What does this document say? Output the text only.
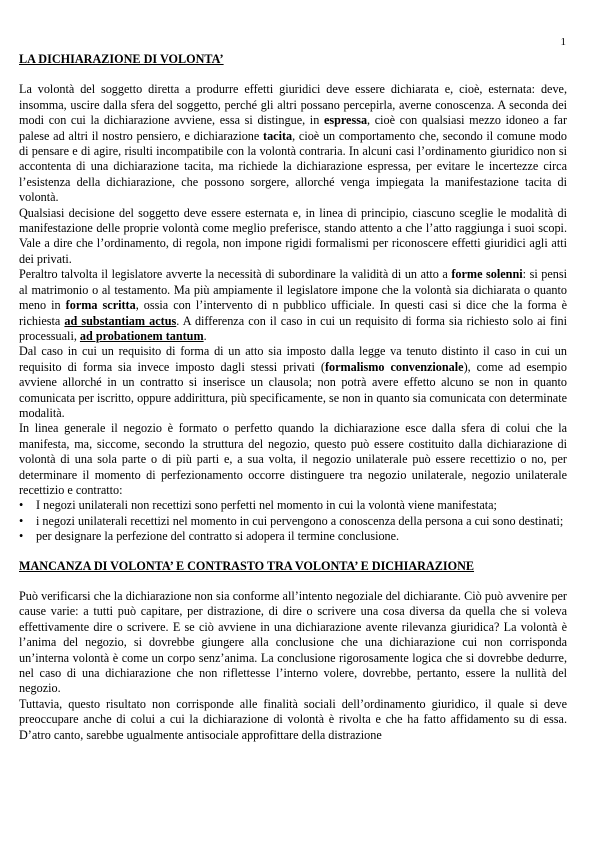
1
LA DICHIARAZIONE DI VOLONTA’

La volontà del soggetto diretta a produrre effetti giuridici deve essere dichiarata e, cioè, esternata: deve, insomma, uscire dalla sfera del soggetto, perché gli altri possano percepirla, averne conoscenza. A seconda dei modi con cui la dichiarazione avviene, essa si distingue, in espressa, cioè con qualsiasi mezzo idoneo a far palese ad altri il nostro pensiero, e dichiarazione tacita, cioè un comportamento che, secondo il comune modo di pensare e di agire, risulti incompatibile con la volontà contraria. In alcuni casi l’ordinamento giuridico non si accontenta di una dichiarazione tacita, ma richiede la dichiarazione espressa, per evitare le incertezze circa l’esistenza della dichiarazione, che possono sorgere, allorché venga impiegata la manifestazione tacita di volontà.

Qualsiasi decisione del soggetto deve essere esternata e, in linea di principio, ciascuno sceglie le modalità di manifestazione delle proprie volontà come meglio preferisce, stando attento a che l’atto raggiunga i suoi scopi. Vale a dire che l’ordinamento, di regola, non impone rigidi formalismi per riconoscere effetti giuridici agli atti dei privati.

Peraltro talvolta il legislatore avverte la necessità di subordinare la validità di un atto a forme solenni: si pensi al matrimonio o al testamento. Ma più ampiamente il legislatore impone che la volontà sia dichiarata o quanto meno in forma scritta, ossia con l’intervento di n pubblico ufficiale. In questi casi si dice che la forma è richiesta ad substantiam actus. A differenza con il caso in cui un requisito di forma sia richiesto solo ai fini processuali, ad probationem tantum.

Dal caso in cui un requisito di forma di un atto sia imposto dalla legge va tenuto distinto il caso in cui un requisito di forma sia invece imposto dagli stessi privati (formalismo convenzionale), come ad esempio avviene allorché in un contratto si inserisce un clausola; non potrà avere effetto alcuno se non in quanto comunicata per iscritto, oppure addirittura, più specificamente, se non in quanto sia comunicata con determinate modalità.

In linea generale il negozio è formato o perfetto quando la dichiarazione esce dalla sfera di colui che la manifesta, ma, siccome, secondo la struttura del negozio, questo può essere costituito dalla dichiarazione di volontà di una sola parte o di più parti e, a sua volta, il negozio unilaterale può essere recettizio o no, per determinare il momento di perfezionamento occorre distinguere tra negozio unilaterale, negozio unilaterale recettizio e contratto:

• I negozi unilaterali non recettizi sono perfetti nel momento in cui la volontà viene manifestata;
• i negozi unilaterali recettizi nel momento in cui pervengono a conoscenza della persona a cui sono destinati;
• per designare la perfezione del contratto si adopera il termine conclusione.
MANCANZA DI VOLONTA’ E CONTRASTO TRA VOLONTA’ E DICHIARAZIONE

Può verificarsi che la dichiarazione non sia conforme all’intento negoziale del dichiarante. Ciò può avvenire per cause varie: a tutti può capitare, per distrazione, di dire o scrivere una cosa diversa da quella che si voleva effettivamente dire o scrivere. E se ciò avviene in una dichiarazione avente rilevanza giuridica? La volontà è l’anima del negozio, si dovrebbe giungere alla conclusione che una dichiarazione cui non corrisponda un’interna volontà è come un corpo senz’anima. La conclusione rigorosamente logica che si dovrebbe dedurre, nel caso di una dichiarazione che non riflettesse l’interno volere, dovrebbe, pertanto, essere la nullità del negozio.

Tuttavia, questo risultato non corrisponde alle finalità sociali dell’ordinamento giuridico, il quale si deve preoccupare anche di colui a cui la dichiarazione di volontà è rivolta e che ha fatto affidamento su di essa. D’atro canto, sarebbe ugualmente antisociale approfittare della distrazione
